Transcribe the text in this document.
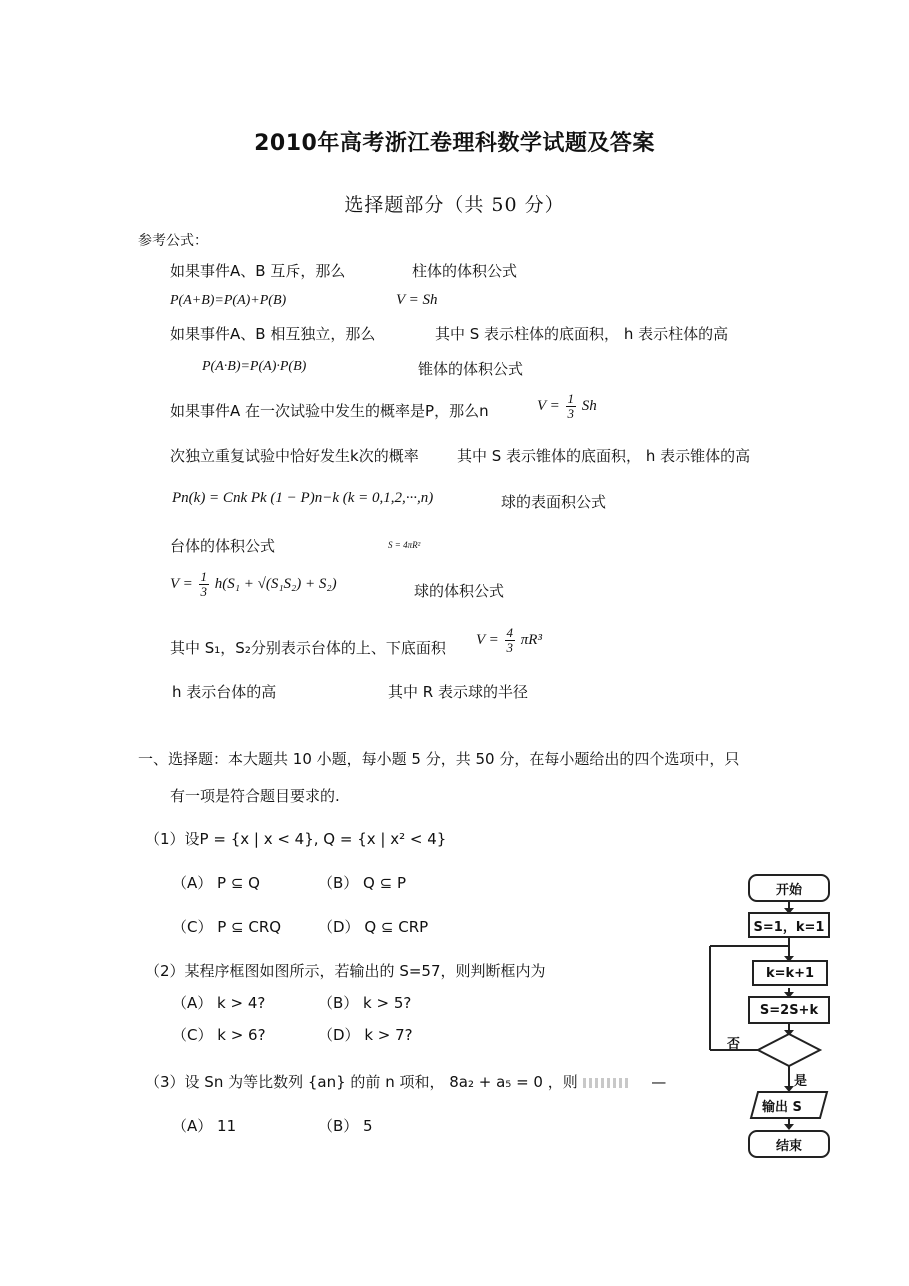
2010年高考浙江卷理科数学试题及答案
选择题部分（共 50 分）
参考公式：
如果事件A、B 互斥，那么	柱体的体积公式
P(A+B)=P(A)+P(B)	V = Sh
如果事件A、B 相互独立，那么	其中 S 表示柱体的底面积， h 表示柱体的高
P(A·B)=P(A)·P(B)	锥体的体积公式
如果事件A 在一次试验中发生的概率是P，那么n	$V = \frac{1}{3}$ Sh
次独立重复试验中恰好发生k次的概率	其中 S 表示锥体的底面积， h 表示锥体的高
Pn(k) = Cnk Pk (1 − P)n−k (k = 0,1,2,···,n)	球的表面积公式
台体的体积公式	S = 4πR²
$V = \frac{1}{3} h(S_1 + √(S_1S_2) + S_2)$	球的体积公式
其中 S₁，S₂分别表示台体的上、下底面积 $V = \frac{4}{3} \pi R^3$
h 表示台体的高	其中 R 表示球的半径
一、选择题：本大题共 10 小题，每小题 5 分，共 50 分，在每小题给出的四个选项中，只
有一项是符合题目要求的.
（1）设P = {x | x < 4}, Q = {x | x² < 4}
（A） P ⊆ Q	（B） Q ⊆ P
（C） P ⊆ CRQ （D） Q ⊆ CRP
（2）某程序框图如图所示，若输出的 S=57，则判断框内为
（A） k > 4?	（B） k > 5?
（C） k > 6?	（D） k > 7?
（3）设 Sn 为等比数列 {an} 的前 n 项和， 8a₂ + a₅ = 0 ，则	—
（A） 11	（B） 5
开始
S=1，k=1
k=k+1
S=2S+k
否
是
输出 S
结束
